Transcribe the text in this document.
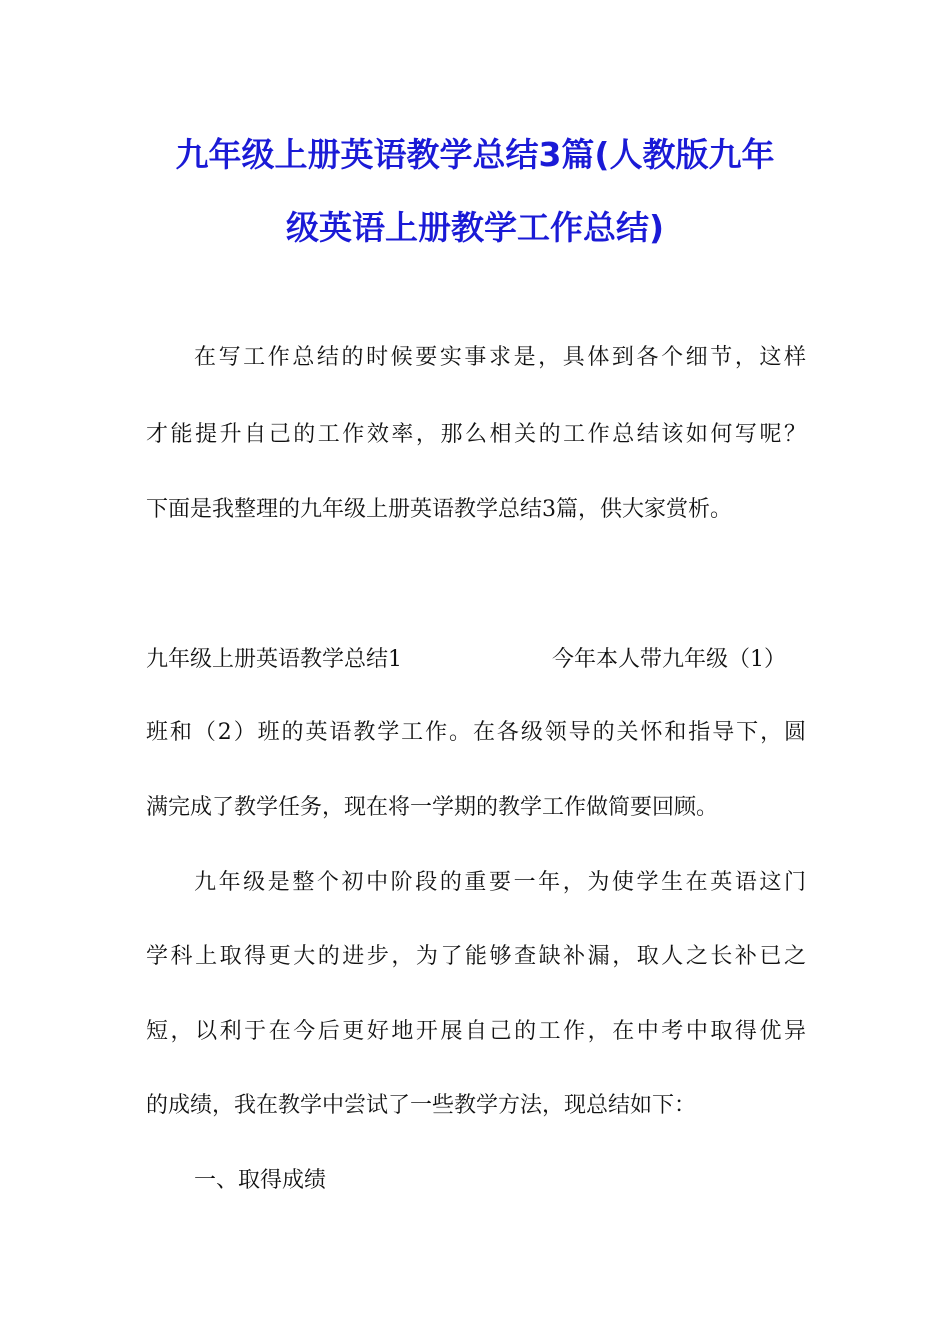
九年级上册英语教学总结3篇(人教版九年
级英语上册教学工作总结)

在写工作总结的时候要实事求是，具体到各个细节，这样

才能提升自己的工作效率，那么相关的工作总结该如何写呢？

下面是我整理的九年级上册英语教学总结3篇，供大家赏析。

九年级上册英语教学总结1	今年本人带九年级（1）

班和（2）班的英语教学工作。在各级领导的关怀和指导下，圆

满完成了教学任务，现在将一学期的教学工作做简要回顾。

九年级是整个初中阶段的重要一年，为使学生在英语这门

学科上取得更大的进步，为了能够查缺补漏，取人之长补已之

短，以利于在今后更好地开展自己的工作，在中考中取得优异

的成绩，我在教学中尝试了一些教学方法，现总结如下：

一、取得成绩
